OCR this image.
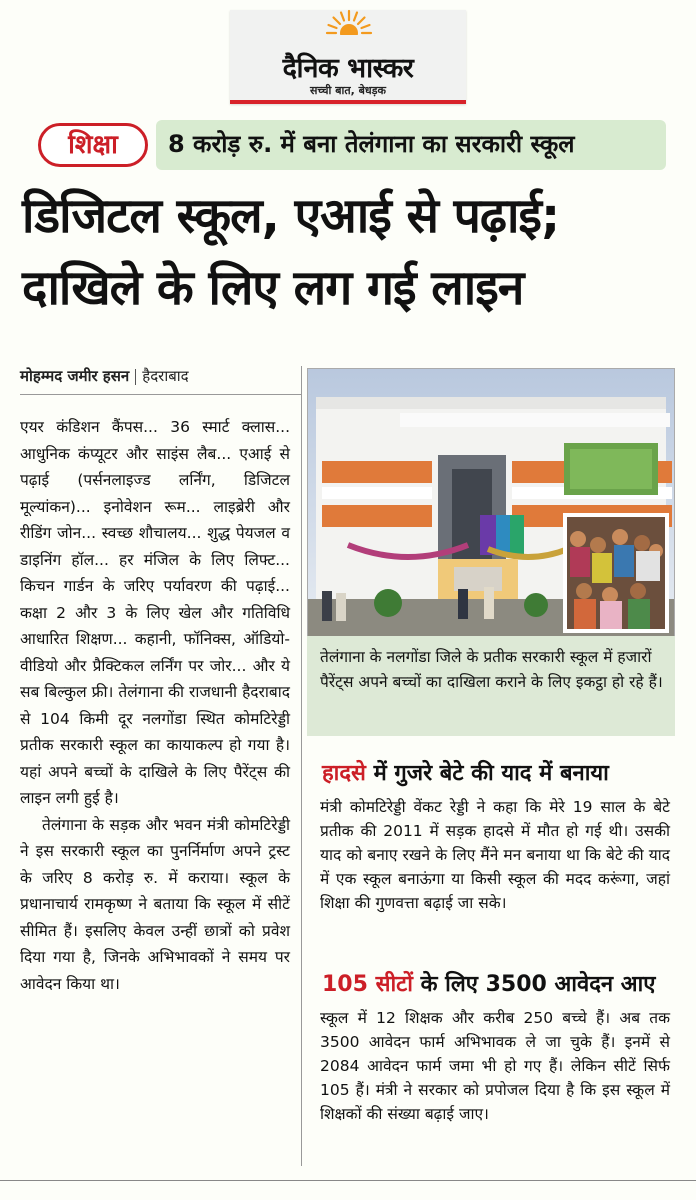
दैनिक भास्कर
सच्ची बात, बेधड़क
शिक्षा	8 करोड़ रु. में बना तेलंगाना का सरकारी स्कूल
डिजिटल स्कूल, एआई से पढ़ाई;
दाखिले के लिए लग गई लाइन
मोहम्मद जमीर हसन हैदराबाद

एयर कंडिशन कैंपस... 36 स्मार्ट क्लास... आधुनिक कंप्यूटर और साइंस लैब... एआई से पढ़ाई (पर्सनलाइज्ड लर्निंग, डिजिटल मूल्यांकन)... इनोवेशन रूम... लाइब्रेरी और रीडिंग जोन... स्वच्छ शौचालय... शुद्ध पेयजल व डाइनिंग हॉल... हर मंजिल के लिए लिफ्ट... किचन गार्डन के जरिए पर्यावरण की पढ़ाई... कक्षा 2 और 3 के लिए खेल और गतिविधि आधारित शिक्षण... कहानी, फॉनिक्स, ऑडियो-वीडियो और प्रैक्टिकल लर्निंग पर जोर... और ये सब बिल्कुल फ्री। तेलंगाना की राजधानी हैदराबाद से 104 किमी दूर नलगोंडा स्थित कोमटिरेड्डी प्रतीक सरकारी स्कूल का कायाकल्प हो गया है। यहां अपने बच्चों के दाखिले के लिए पैरेंट्स की लाइन लगी हुई है।

तेलंगाना के सड़क और भवन मंत्री कोमटिरेड्डी ने इस सरकारी स्कूल का पुनर्निर्माण अपने ट्रस्ट के जरिए 8 करोड़ रु. में कराया। स्कूल के प्रधानाचार्य रामकृष्ण ने बताया कि स्कूल में सीटें सीमित हैं। इसलिए केवल उन्हीं छात्रों को प्रवेश दिया गया है, जिनके अभिभावकों ने समय पर आवेदन किया था।

तेलंगाना के नलगोंडा जिले के प्रतीक सरकारी स्कूल में हजारों पैरेंट्स अपने बच्चों का दाखिला कराने के लिए इकट्ठा हो रहे हैं।
हादसे में गुजरे बेटे की याद में बनाया

मंत्री कोमटिरेड्डी वेंकट रेड्डी ने कहा कि मेरे 19 साल के बेटे प्रतीक की 2011 में सड़क हादसे में मौत हो गई थी। उसकी याद को बनाए रखने के लिए मैंने मन बनाया था कि बेटे की याद में एक स्कूल बनाऊंगा या किसी स्कूल की मदद करूंगा, जहां शिक्षा की गुणवत्ता बढ़ाई जा सके।

105 सीटों के लिए 3500 आवेदन आए

स्कूल में 12 शिक्षक और करीब 250 बच्चे हैं। अब तक 3500 आवेदन फार्म अभिभावक ले जा चुके हैं। इनमें से 2084 आवेदन फार्म जमा भी हो गए हैं। लेकिन सीटें सिर्फ 105 हैं। मंत्री ने सरकार को प्रपोजल दिया है कि इस स्कूल में शिक्षकों की संख्या बढ़ाई जाए।
